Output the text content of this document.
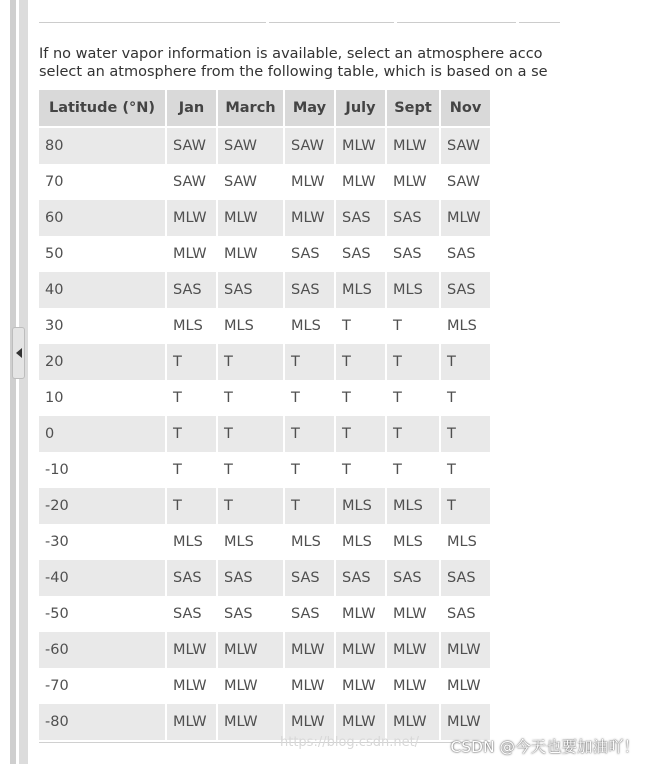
If no water vapor information is available, select an atmosphere acco
select an atmosphere from the following table, which is based on a se
Latitude (°N)	Jan	March	May	July	Sept	Nov
80	SAW	SAW	SAW	MLW	MLW	SAW
70	SAW	SAW	MLW	MLW	MLW	SAW
60	MLW	MLW	MLW	SAS	SAS	MLW
50	MLW	MLW	SAS	SAS	SAS	SAS
40	SAS	SAS	SAS	MLS	MLS	SAS
30	MLS	MLS	MLS	T	T	MLS
20	T	T	T	T	T	T
10	T	T	T	T	T	T
0	T	T	T	T	T	T
-10	T	T	T	T	T	T
-20	T	T	T	MLS	MLS	T
-30	MLS	MLS	MLS	MLS	MLS	MLS
-40	SAS	SAS	SAS	SAS	SAS	SAS
-50	SAS	SAS	SAS	MLW	MLW	SAS
-60	MLW	MLW	MLW	MLW	MLW	MLW
-70	MLW	MLW	MLW	MLW	MLW	MLW
-80	MLW	MLW	MLW	MLW	MLW	MLW
https://blog.csdn.net/ CSDN @今天也要加油吖！
